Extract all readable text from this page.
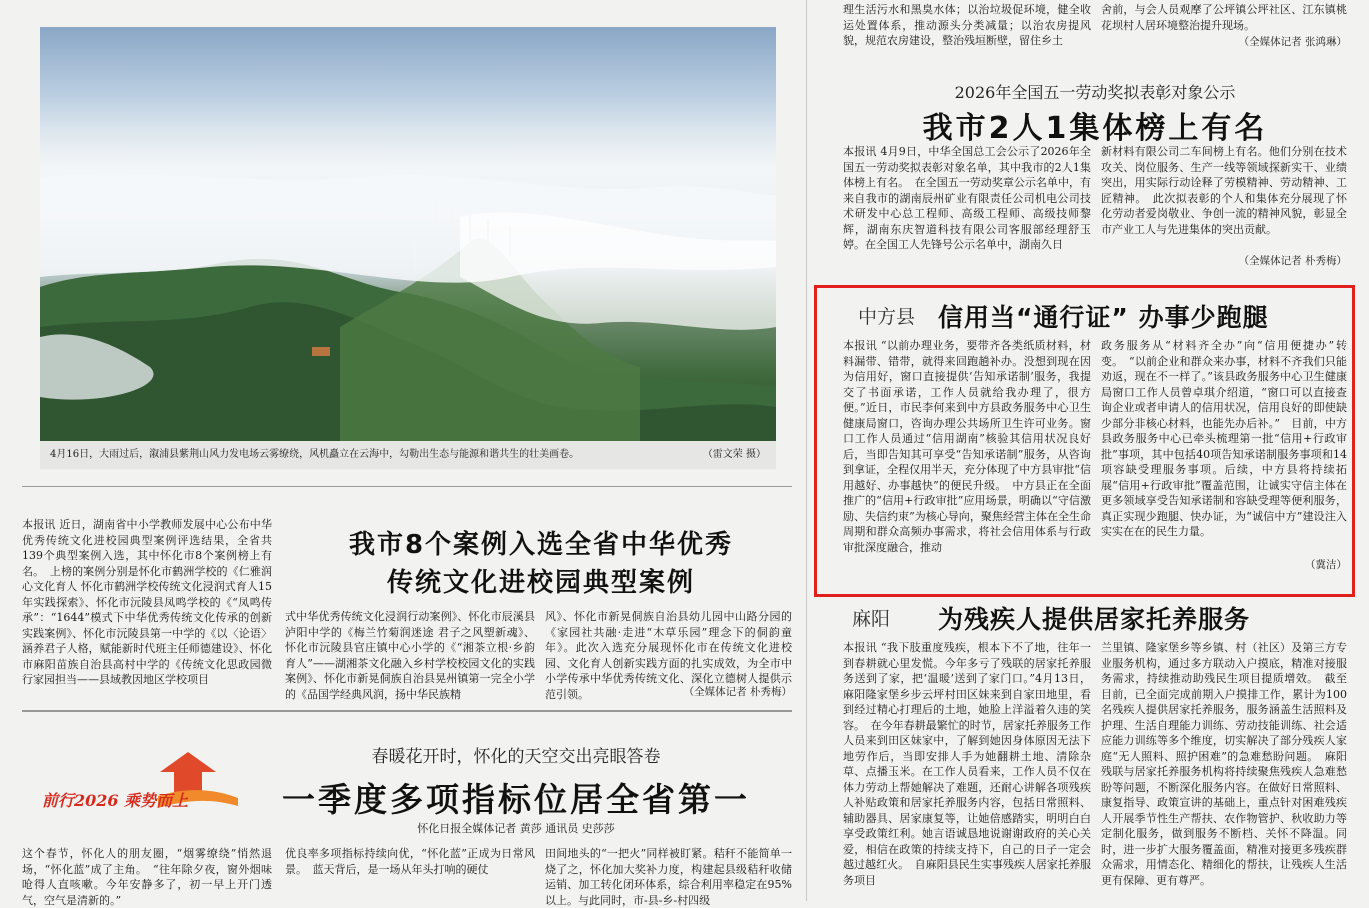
4月16日，大雨过后，溆浦县紫荆山风力发电场云雾缭绕，风机矗立在云海中，勾勒出生态与能源和谐共生的壮美画卷。	（雷文荣 摄）
理生活污水和黑臭水体；以治垃圾促环境，健全收运处置体系，推动源头分类减量；以治农房提风貌，规范农房建设，整治残垣断壁，留住乡土
舍前，与会人员观摩了公坪镇公坪社区、江东镇桃花坝村人居环境整治提升现场。
（全媒体记者 张鸿琳）
2026年全国五一劳动奖拟表彰对象公示
我市2人1集体榜上有名
本报讯 4月9日，中华全国总工会公示了2026年全国五一劳动奖拟表彰对象名单，其中我市的2人1集体榜上有名。　在全国五一劳动奖章公示名单中，有来自我市的湖南辰州矿业有限责任公司机电公司技术研发中心总工程师、高级工程师、高级技师黎辉，湖南东庆智道科技有限公司客服部经理舒玉婷。在全国工人先锋号公示名单中，湖南久日
新材料有限公司二车间榜上有名。他们分别在技术攻关、岗位服务、生产一线等领域探新实干、业绩突出，用实际行动诠释了劳模精神、劳动精神、工匠精神。　此次拟表彰的个人和集体充分展现了怀化劳动者爱岗敬业、争创一流的精神风貌，彰显全市产业工人与先进集体的突出贡献。
（全媒体记者 朴秀梅）
中方县 信用当“通行证” 办事少跑腿
本报讯 “以前办理业务，要带齐各类纸质材料，材料漏带、错带，就得来回跑趟补办。没想到现在因为信用好，窗口直接提供‘告知承诺制’服务，我提交了书面承诺，工作人员就给我办理了，很方便。”近日，市民李何来到中方县政务服务中心卫生健康局窗口，咨询办理公共场所卫生许可业务。窗口工作人员通过“信用湖南”核验其信用状况良好后，当即告知其可享受“告知承诺制”服务，从咨询到拿证，全程仅用半天，充分体现了中方县审批“信用越好、办事越快”的便民升级。　中方县正在全面推广的“信用+行政审批”应用场景，明确以“守信激励、失信约束”为核心导向，聚焦经营主体在全生命周期和群众高频办事需求，将社会信用体系与行政审批深度融合，推动
政务服务从“材料齐全办”向“信用便捷办”转变。　“以前企业和群众来办事，材料不齐我们只能劝返，现在不一样了。”该县政务服务中心卫生健康局窗口工作人员曾卓琪介绍道，“窗口可以直接查询企业或者申请人的信用状况，信用良好的即使缺少部分非核心材料，也能先办后补。”　目前，中方县政务服务中心已牵头梳理第一批“信用+行政审批”事项，其中包括40项告知承诺制服务事项和14项容缺受理服务事项。后续，中方县将持续拓展“信用+行政审批”覆盖范围，让诚实守信主体在更多领域享受告知承诺制和容缺受理等便利服务，真正实现少跑腿、快办证，为“诚信中方”建设注入实实在在的民生力量。
（冀洁）
麻阳 为残疾人提供居家托养服务
本报讯 “我下肢重度残疾，根本下不了地，往年一到春耕就心里发慌。今年多亏了残联的居家托养服务送到了家，把‘温暖’送到了家门口。”4月13日，麻阳隆家堡乡步云坪村田区妹来到自家田地里，看到经过精心打理后的土地，她脸上洋溢着久违的笑容。　在今年春耕最繁忙的时节，居家托养服务工作人员来到田区妹家中，了解到她因身体原因无法下地劳作后，当即安排人手为她翻耕土地、清除杂草、点播玉米。在工作人员看来，工作人员不仅在体力劳动上帮她解决了难题，还耐心讲解各项残疾人补贴政策和居家托养服务内容，包括日常照料、辅助器具、居家康复等，让她倍感踏实，明明白白享受政策红利。她言语诚恳地说谢谢政府的关心关爱，相信在政策的持续支持下，自己的日子一定会越过越红火。　自麻阳县民生实事残疾人居家托养服务项目
兰里镇、隆家堡乡等乡镇、村（社区）及第三方专业服务机构，通过多方联动入户摸底，精准对接服务需求，持续推动助残民生项目提质增效。　截至目前，已全面完成前期入户摸排工作，累计为100名残疾人提供居家托养服务，服务涵盖生活照料及护理、生活自理能力训练、劳动技能训练、社会适应能力训练等多个维度，切实解决了部分残疾人家庭“无人照料、照护困难”的急难愁盼问题。　麻阳残联与居家托养服务机构将持续聚焦残疾人急难愁盼等问题，不断深化服务内容。在做好日常照料、康复指导、政策宣讲的基础上，重点针对困难残疾人开展季节性生产帮扶、农作物管护、秋收助力等定制化服务，做到服务不断档、关怀不降温。同时，进一步扩大服务覆盖面，精准对接更多残疾群众需求，用情态化、精细化的帮扶，让残疾人生活更有保障、更有尊严。
本报讯 近日，湖南省中小学教师发展中心公布中华优秀传统文化进校园典型案例评选结果，全省共139个典型案例入选，其中怀化市8个案例榜上有名。　上榜的案例分别是怀化市鹤洲学校的《仁雅润心文化育人 怀化市鹤洲学校传统文化浸润式育人15年实践探索》、怀化市沅陵县凤鸣学校的《“凤鸣传承”：“1644”模式下中华优秀传统文化传承的创新实践案例》、怀化市沅陵县第一中学的《以〈论语〉涵养君子人格，赋能新时代班主任师德建设》、怀化市麻阳苗族自治县高村中学的《传统文化思政园微行家园担当——县域教因地区学校项目
我市8个案例入选全省中华优秀
传统文化进校园典型案例
式中华优秀传统文化浸润行动案例》、怀化市辰溪县泸阳中学的《梅兰竹菊润迷途 君子之风塑新魂》、怀化市沅陵县官庄镇中心小学的《“湘茶立根·乡韵育人”——湖湘茶文化融入乡村学校校园文化的实践案例》、怀化市新晃侗族自治县晃州镇第一完全小学的《品国学经典风润，扬中华民族精
风》、怀化市新晃侗族自治县幼儿园中山路分园的《家园社共融·走进“木草乐园”理念下的侗韵童年》。此次入选充分展现怀化市在传统文化进校园、文化育人创新实践方面的扎实成效，为全市中小学传承中华优秀传统文化、深化立德树人提供示范引领。	（全媒体记者 朴秀梅）
前行2026 乘势而上
春暖花开时，怀化的天空交出亮眼答卷
一季度多项指标位居全省第一
怀化日报全媒体记者 黄莎 通讯员 史莎莎
这个春节，怀化人的朋友圈，“烟雾缭绕”悄然退场，“怀化蓝”成了主角。　“往年除夕夜，窗外烟味呛得人直咳嗽。今年安静多了，初一早上开门透气，空气是清新的。”
优良率多项指标持续向优，“怀化蓝”正成为日常风景。　蓝天背后，是一场从年头打响的硬仗
田间地头的“一把火”同样被盯紧。秸秆不能简单一烧了之，怀化加大奖补力度，构建起县级秸秆收储运销、加工转化闭环体系，综合利用率稳定在95%以上。与此同时，市-县-乡-村四级
